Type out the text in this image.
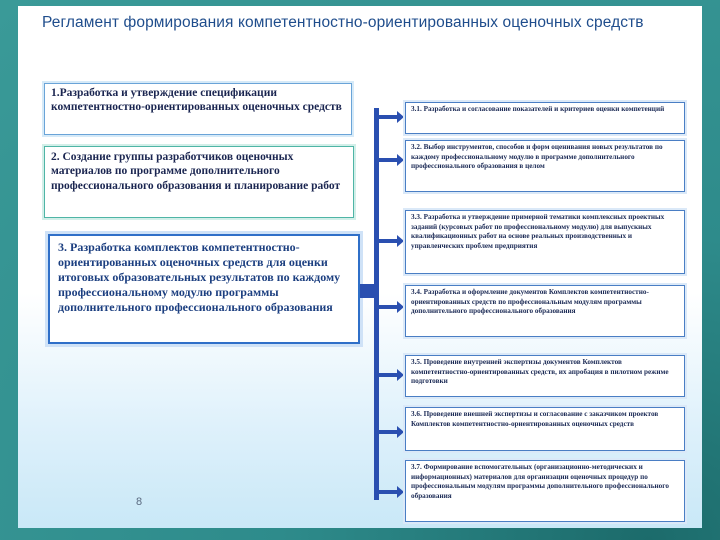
Регламент формирования компетентностно-ориентированных оценочных средств
1.Разработка и утверждение спецификации компетентностно-ориентированных оценочных средств
2. Создание группы разработчиков оценочных материалов по программе дополнительного профессионального образования и планирование работ
3. Разработка комплектов компетентностно-ориентированных оценочных средств для оценки итоговых образовательных результатов по каждому профессиональному модулю программы дополнительного профессионального образования
3.1. Разработка и согласование показателей и критериев оценки компетенций
3.2. Выбор инструментов, способов и форм оценивания новых результатов по каждому профессиональному модулю в программе дополнительного профессионального образования в целом
3.3. Разработка и утверждение примерной тематики комплексных проектных заданий (курсовых работ по профессиональному модулю) для выпускных квалификационных работ на основе реальных производственных и управленческих проблем предприятия
3.4. Разработка и оформление документов Комплектов компетентностно-ориентированных средств по профессиональным модулям программы дополнительного профессионального образования
3.5. Проведение внутренней экспертизы документов Комплектов компетентностно-ориентированных средств, их апробация в пилотном режиме подготовки
3.6. Проведение внешней экспертизы и согласование с заказчиком проектов Комплектов компетентностно-ориентированных оценочных средств
3.7. Формирование вспомогательных (организационно-методических и информационных) материалов для организации оценочных процедур по профессиональным модулям программы дополнительного профессионального образования
8
